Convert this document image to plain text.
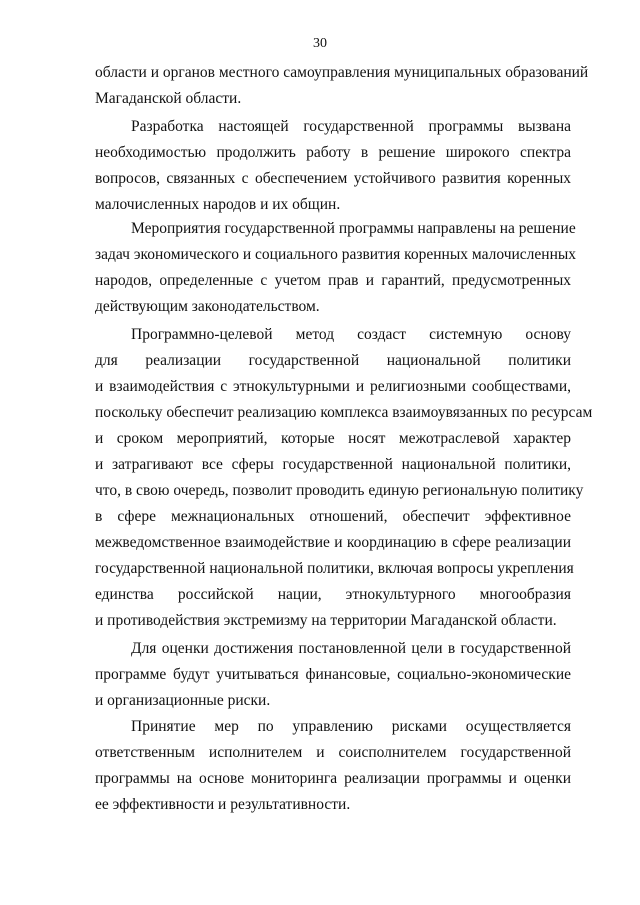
30
области и органов местного самоуправления муниципальных образований
Магаданской области.
Разработка настоящей государственной программы вызвана
необходимостью продолжить работу в решение широкого спектра
вопросов, связанных с обеспечением устойчивого развития коренных
малочисленных народов и их общин.
Мероприятия государственной программы направлены на решение
задач экономического и социального развития коренных малочисленных
народов, определенные с учетом прав и гарантий, предусмотренных
действующим законодательством.
Программно-целевой метод создаст системную основу
для реализации государственной национальной политики
и взаимодействия с этнокультурными и религиозными сообществами,
поскольку обеспечит реализацию комплекса взаимоувязанных по ресурсам
и сроком мероприятий, которые носят межотраслевой характер
и затрагивают все сферы государственной национальной политики,
что, в свою очередь, позволит проводить единую региональную политику
в сфере межнациональных отношений, обеспечит эффективное
межведомственное взаимодействие и координацию в сфере реализации
государственной национальной политики, включая вопросы укрепления
единства российской нации, этнокультурного многообразия
и противодействия экстремизму на территории Магаданской области.
Для оценки достижения постановленной цели в государственной
программе будут учитываться финансовые, социально-экономические
и организационные риски.
Принятие мер по управлению рисками осуществляется
ответственным исполнителем и соисполнителем государственной
программы на основе мониторинга реализации программы и оценки
ее эффективности и результативности.
